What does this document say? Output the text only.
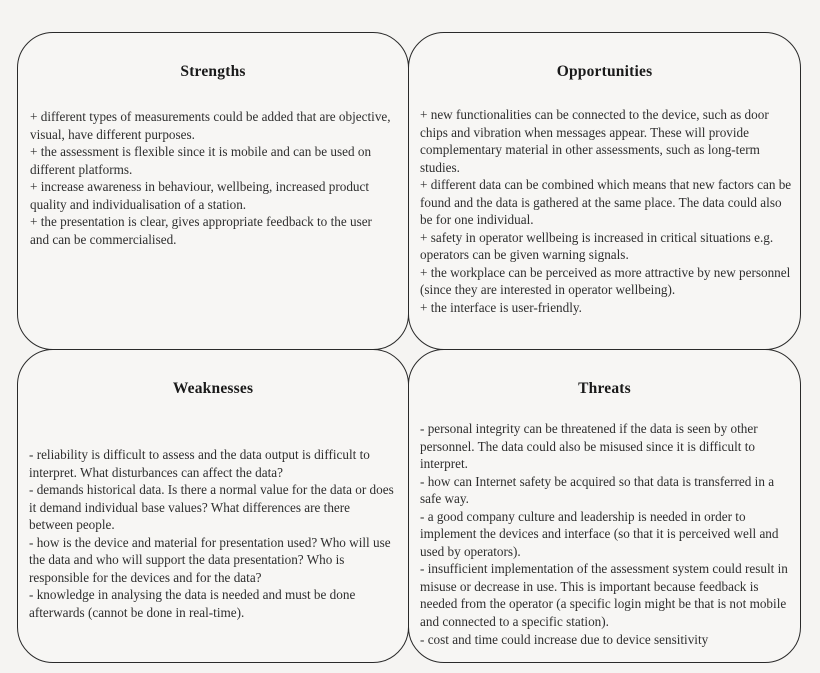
Strengths

+ different types of measurements could be added that are objective, visual, have different purposes.

+ the assessment is flexible since it is mobile and can be used on different platforms.

+ increase awareness in behaviour, wellbeing, increased product quality and individualisation of a station.

+ the presentation is clear, gives appropriate feedback to the user and can be commercialised.

Opportunities

+ new functionalities can be connected to the device, such as door chips and vibration when messages appear. These will provide complementary material in other assessments, such as long-term studies.

+ different data can be combined which means that new factors can be found and the data is gathered at the same place. The data could also be for one individual.

+ safety in operator wellbeing is increased in critical situations e.g. operators can be given warning signals.

+ the workplace can be perceived as more attractive by new personnel (since they are interested in operator wellbeing).

+ the interface is user-friendly.

Weaknesses

- reliability is difficult to assess and the data output is difficult to interpret. What disturbances can affect the data?

- demands historical data. Is there a normal value for the data or does it demand individual base values? What differences are there between people.

- how is the device and material for presentation used? Who will use the data and who will support the data presentation? Who is responsible for the devices and for the data?

- knowledge in analysing the data is needed and must be done afterwards (cannot be done in real-time).

Threats

- personal integrity can be threatened if the data is seen by other personnel. The data could also be misused since it is difficult to interpret.

- how can Internet safety be acquired so that data is transferred in a safe way.

- a good company culture and leadership is needed in order to implement the devices and interface (so that it is perceived well and used by operators).

- insufficient implementation of the assessment system could result in misuse or decrease in use. This is important because feedback is needed from the operator (a specific login might be that is not mobile and connected to a specific station).

- cost and time could increase due to device sensitivity
